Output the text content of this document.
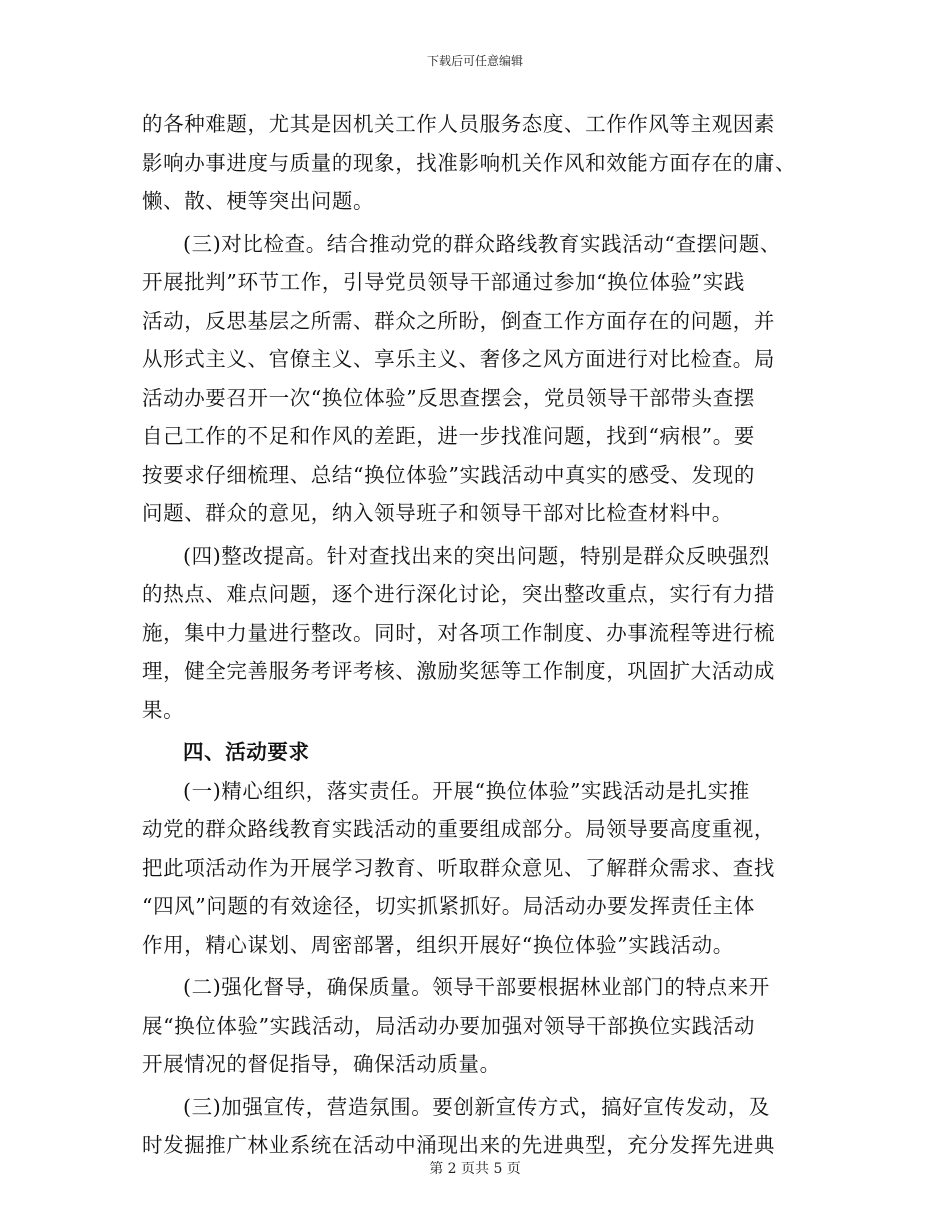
下载后可任意编辑
的各种难题，尤其是因机关工作人员服务态度、工作作风等主观因素
影响办事进度与质量的现象，找准影响机关作风和效能方面存在的庸、
懒、散、梗等突出问题。
(三)对比检查。结合推动党的群众路线教育实践活动“查摆问题、
开展批判”环节工作，引导党员领导干部通过参加“换位体验”实践
活动，反思基层之所需、群众之所盼，倒查工作方面存在的问题，并
从形式主义、官僚主义、享乐主义、奢侈之风方面进行对比检查。局
活动办要召开一次“换位体验”反思查摆会，党员领导干部带头查摆
自己工作的不足和作风的差距，进一步找准问题，找到“病根”。要
按要求仔细梳理、总结“换位体验”实践活动中真实的感受、发现的
问题、群众的意见，纳入领导班子和领导干部对比检查材料中。
(四)整改提高。针对查找出来的突出问题，特别是群众反映强烈
的热点、难点问题，逐个进行深化讨论，突出整改重点，实行有力措
施，集中力量进行整改。同时，对各项工作制度、办事流程等进行梳
理，健全完善服务考评考核、激励奖惩等工作制度，巩固扩大活动成
果。
四、活动要求
(一)精心组织，落实责任。开展“换位体验”实践活动是扎实推
动党的群众路线教育实践活动的重要组成部分。局领导要高度重视，
把此项活动作为开展学习教育、听取群众意见、了解群众需求、查找
“四风”问题的有效途径，切实抓紧抓好。局活动办要发挥责任主体
作用，精心谋划、周密部署，组织开展好“换位体验”实践活动。
(二)强化督导，确保质量。领导干部要根据林业部门的特点来开
展“换位体验”实践活动，局活动办要加强对领导干部换位实践活动
开展情况的督促指导，确保活动质量。
(三)加强宣传，营造氛围。要创新宣传方式，搞好宣传发动，及
时发掘推广林业系统在活动中涌现出来的先进典型，充分发挥先进典
第 2 页共 5 页
